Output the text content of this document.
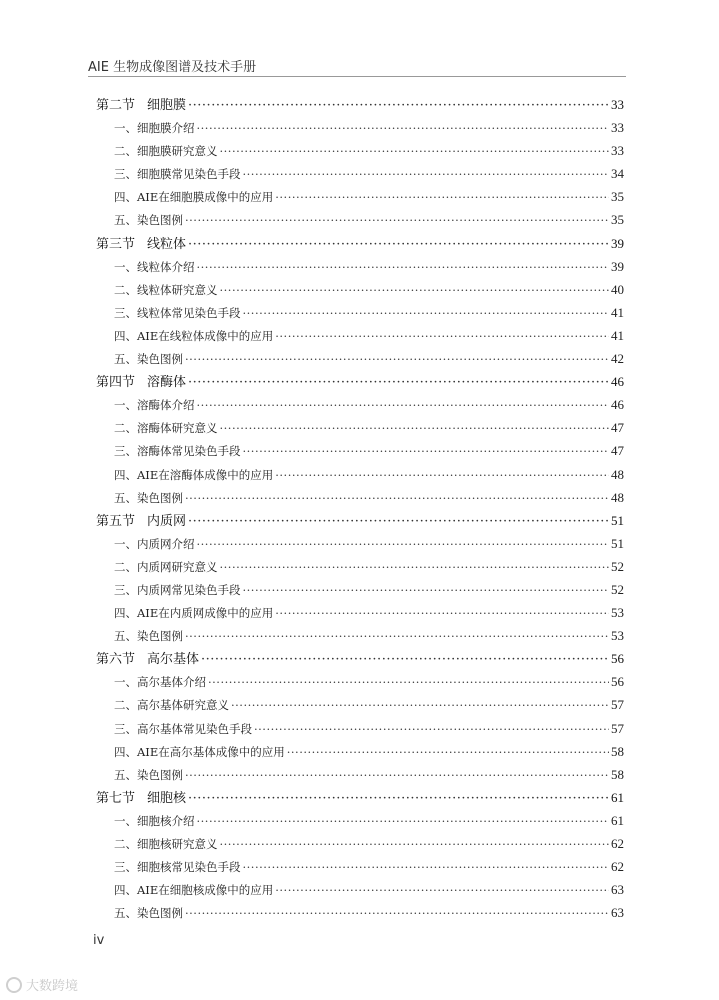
AIE 生物成像图谱及技术手册
第二节 细胞膜 ·····	33
一、细胞膜介绍 ·····	33
二、细胞膜研究意义 ·····	33
三、细胞膜常见染色手段 ·····	34
四、AIE在细胞膜成像中的应用 ·····	35
五、染色图例 ·····	35
第三节 线粒体 ·····	39
一、线粒体介绍 ·····	39
二、线粒体研究意义 ·····	40
三、线粒体常见染色手段 ·····	41
四、AIE在线粒体成像中的应用 ·····	41
五、染色图例 ·····	42
第四节 溶酶体 ·····	46
一、溶酶体介绍 ·····	46
二、溶酶体研究意义 ·····	47
三、溶酶体常见染色手段 ·····	47
四、AIE在溶酶体成像中的应用 ·····	48
五、染色图例 ·····	48
第五节 内质网 ·····	51
一、内质网介绍 ·····	51
二、内质网研究意义 ·····	52
三、内质网常见染色手段 ·····	52
四、AIE在内质网成像中的应用 ·····	53
五、染色图例 ·····	53
第六节 高尔基体 ·····	56
一、高尔基体介绍 ·····	56
二、高尔基体研究意义 ·····	57
三、高尔基体常见染色手段 ·····	57
四、AIE在高尔基体成像中的应用 ·····	58
五、染色图例 ·····	58
第七节 细胞核 ·····	61
一、细胞核介绍 ·····	61
二、细胞核研究意义 ·····	62
三、细胞核常见染色手段 ·····	62
四、AIE在细胞核成像中的应用 ·····	63
五、染色图例 ·····	63
iv
大数跨境
